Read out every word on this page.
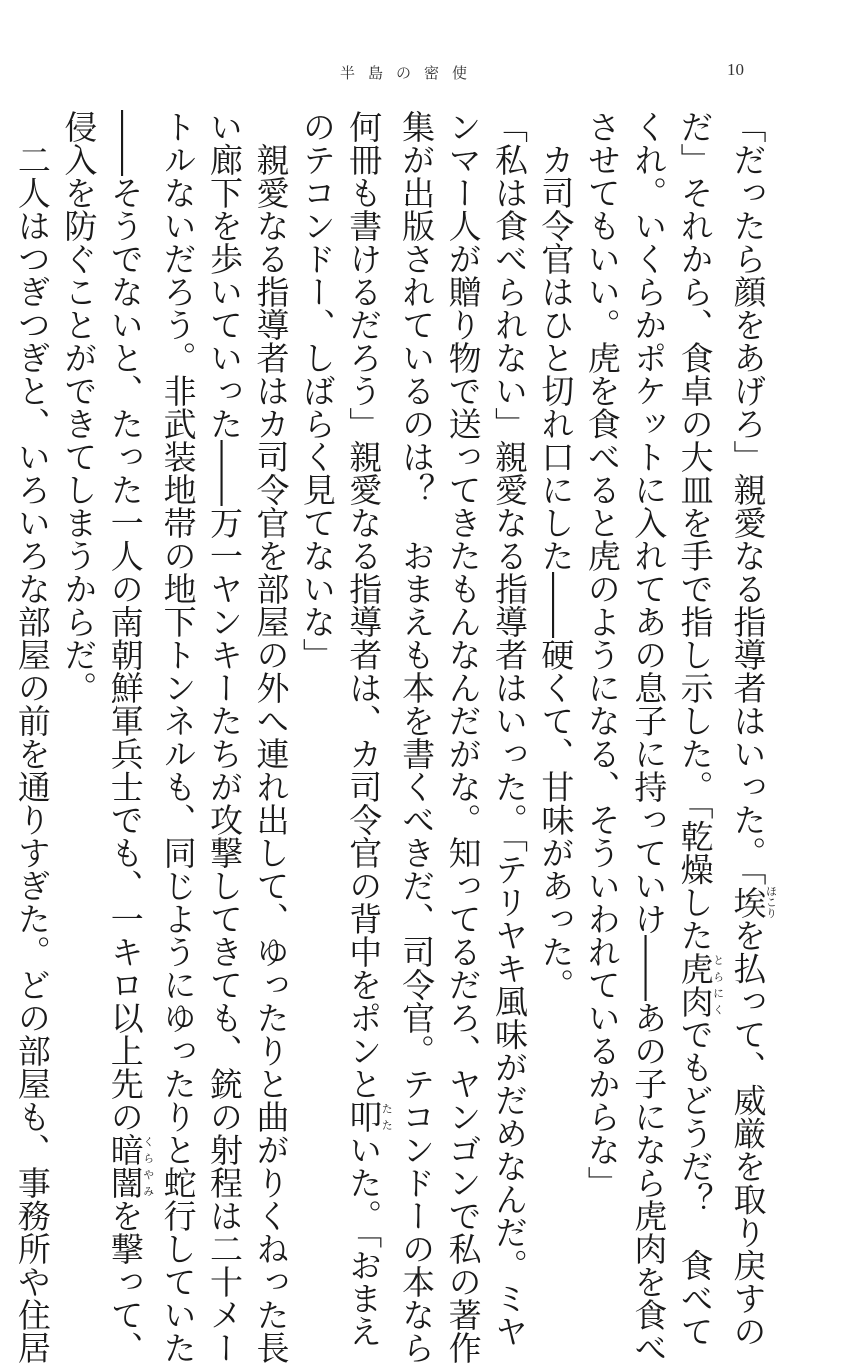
半島の密使	10
「だったら顔をあげろ」親愛なる指導者はいった。「埃ほこりを払って、威厳を取り戻すの
だ」それから、食卓の大皿を手で指し示した。「乾燥した虎肉とらにくでもどうだ？　食べて
くれ。いくらかポケットに入れてあの息子に持っていけ――あの子になら虎肉を食べ
させてもいい。虎を食べると虎のようになる、そういわれているからな」
　カ司令官はひと切れ口にした――硬くて、甘味があった。
「私は食べられない」親愛なる指導者はいった。「テリヤキ風味がだめなんだ。ミヤ
ンマー人が贈り物で送ってきたもんなんだがな。知ってるだろ、ヤンゴンで私の著作
集が出版されているのは？　おまえも本を書くべきだ、司令官。テコンドーの本なら
何冊も書けるだろう」親愛なる指導者は、カ司令官の背中をポンと叩たたいた。「おまえ
のテコンドー、しばらく見てないな」
　親愛なる指導者はカ司令官を部屋の外へ連れ出して、ゆったりと曲がりくねった長
い廊下を歩いていった――万一ヤンキーたちが攻撃してきても、銃の射程は二十メー
トルないだろう。非武装地帯の地下トンネルも、同じようにゆったりと蛇行していた
――そうでないと、たった一人の南朝鮮軍兵士でも、一キロ以上先の暗闇くらやみを撃って、
侵入を防ぐことができてしまうからだ。
　二人はつぎつぎと、いろいろな部屋の前を通りすぎた。どの部屋も、事務所や住居
